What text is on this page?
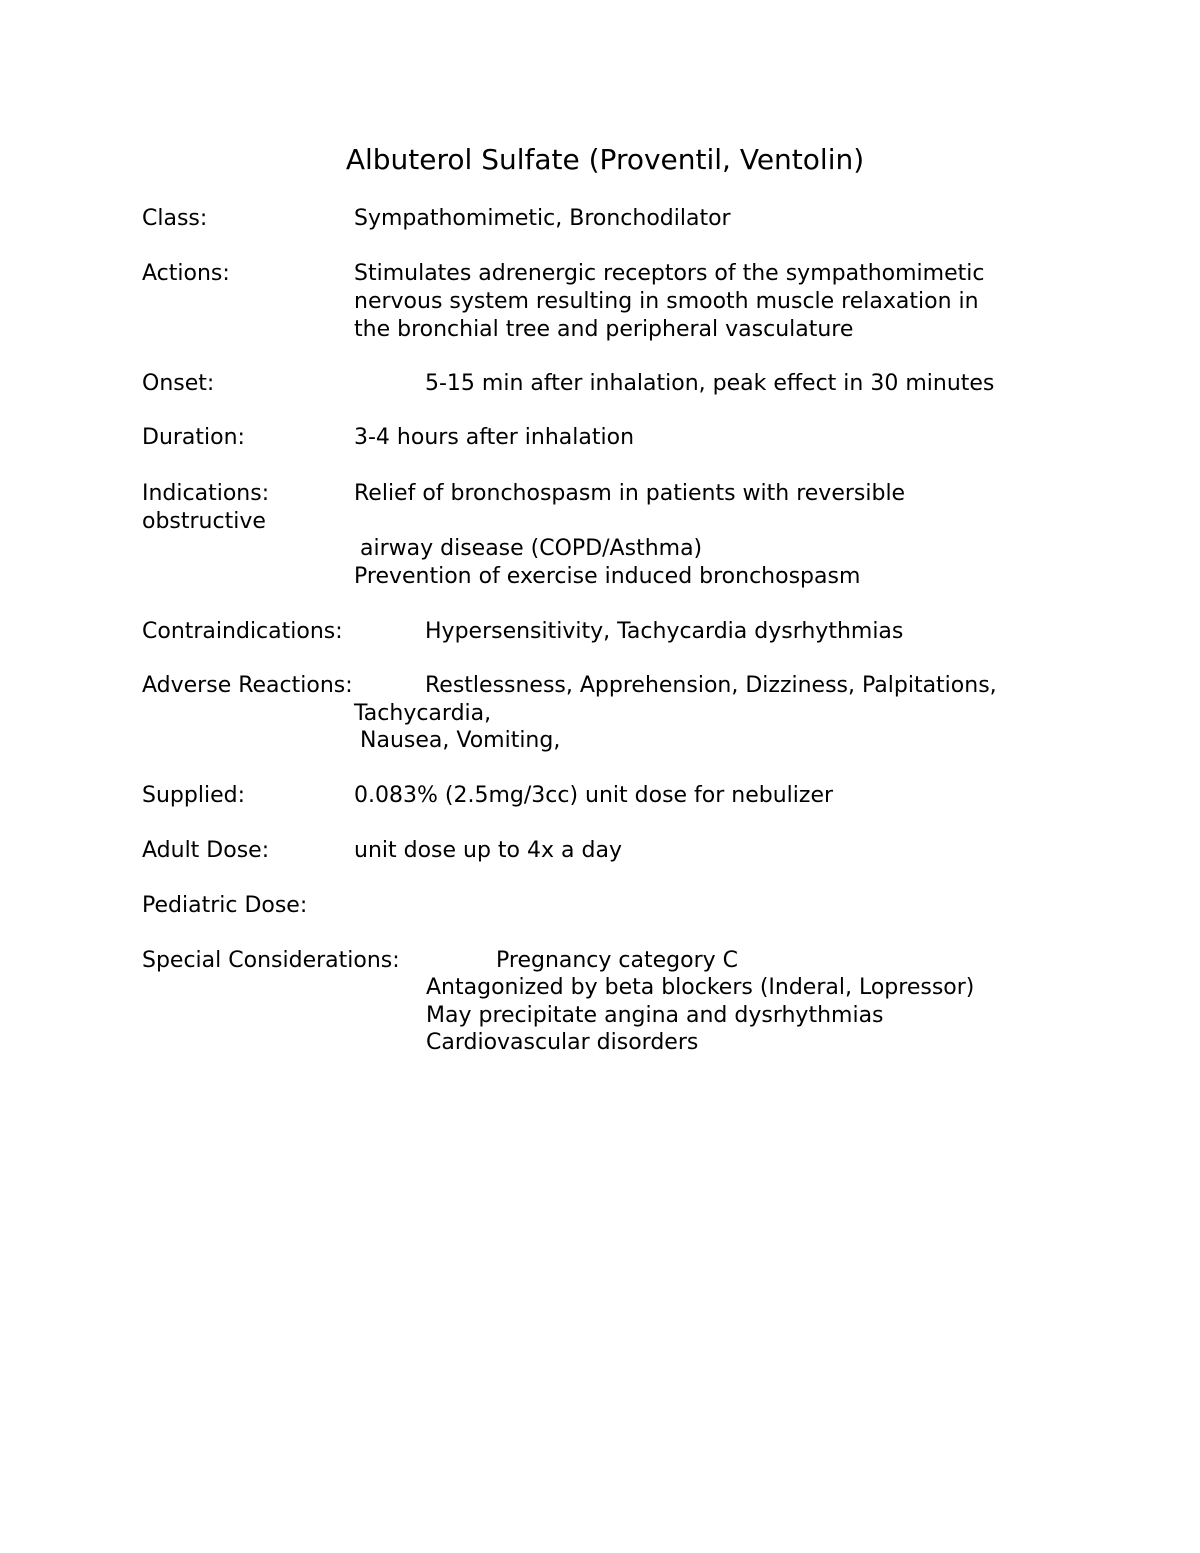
Albuterol Sulfate (Proventil, Ventolin)
Class:	Sympathomimetic, Bronchodilator
Actions:	Stimulates adrenergic receptors of the sympathomimetic
nervous system resulting in smooth muscle relaxation in
the bronchial tree and peripheral vasculature
Onset:	5-15 min after inhalation, peak effect in 30 minutes
Duration:	3-4 hours after inhalation
Indications:	Relief of bronchospasm in patients with reversible
obstructive
airway disease (COPD/Asthma)
Prevention of exercise induced bronchospasm
Contraindications:	Hypersensitivity, Tachycardia dysrhythmias
Adverse Reactions:	Restlessness, Apprehension, Dizziness, Palpitations,
Tachycardia,
Nausea, Vomiting,
Supplied:	0.083% (2.5mg/3cc) unit dose for nebulizer
Adult Dose:	unit dose up to 4x a day
Pediatric Dose:
Special Considerations:	Pregnancy category C
Antagonized by beta blockers (Inderal, Lopressor)
May precipitate angina and dysrhythmias
Cardiovascular disorders
